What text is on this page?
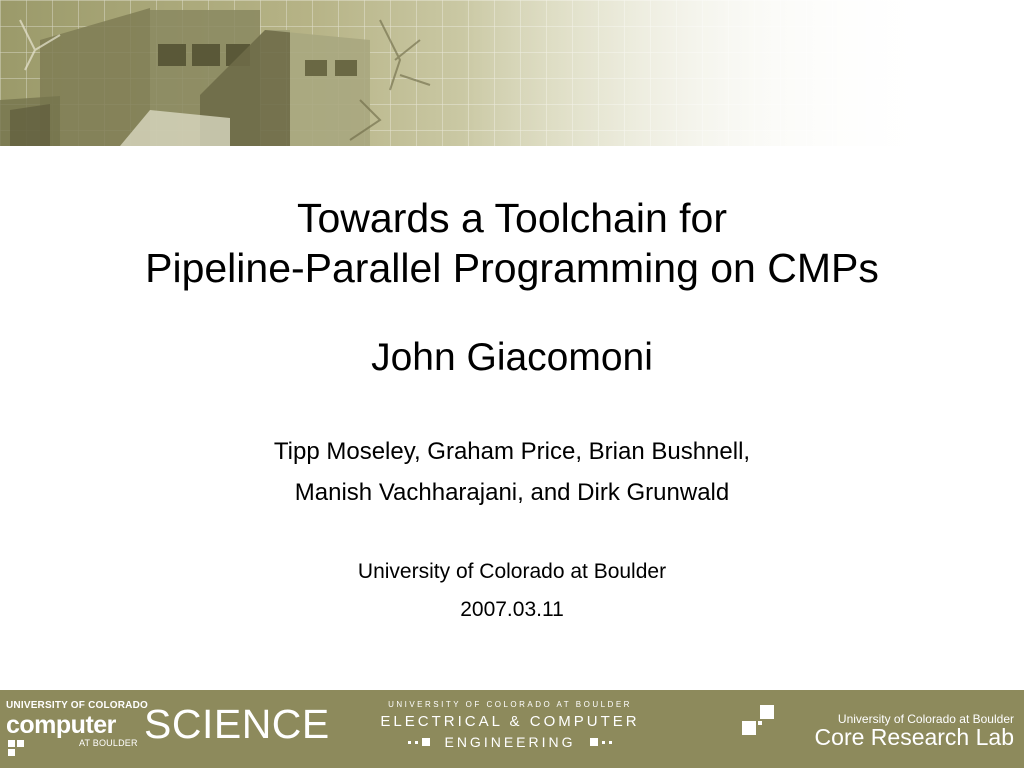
Towards a Toolchain for
Pipeline-Parallel Programming on CMPs
John Giacomoni
Tipp Moseley, Graham Price, Brian Bushnell,
Manish Vachharajani, and Dirk Grunwald
University of Colorado at Boulder
2007.03.11
UNIVERSITY OF COLORADO
computer SCIENCE
AT BOULDER
UNIVERSITY OF COLORADO AT BOULDER
ELECTRICAL & COMPUTER
ENGINEERING
University of Colorado at Boulder
Core Research Lab
